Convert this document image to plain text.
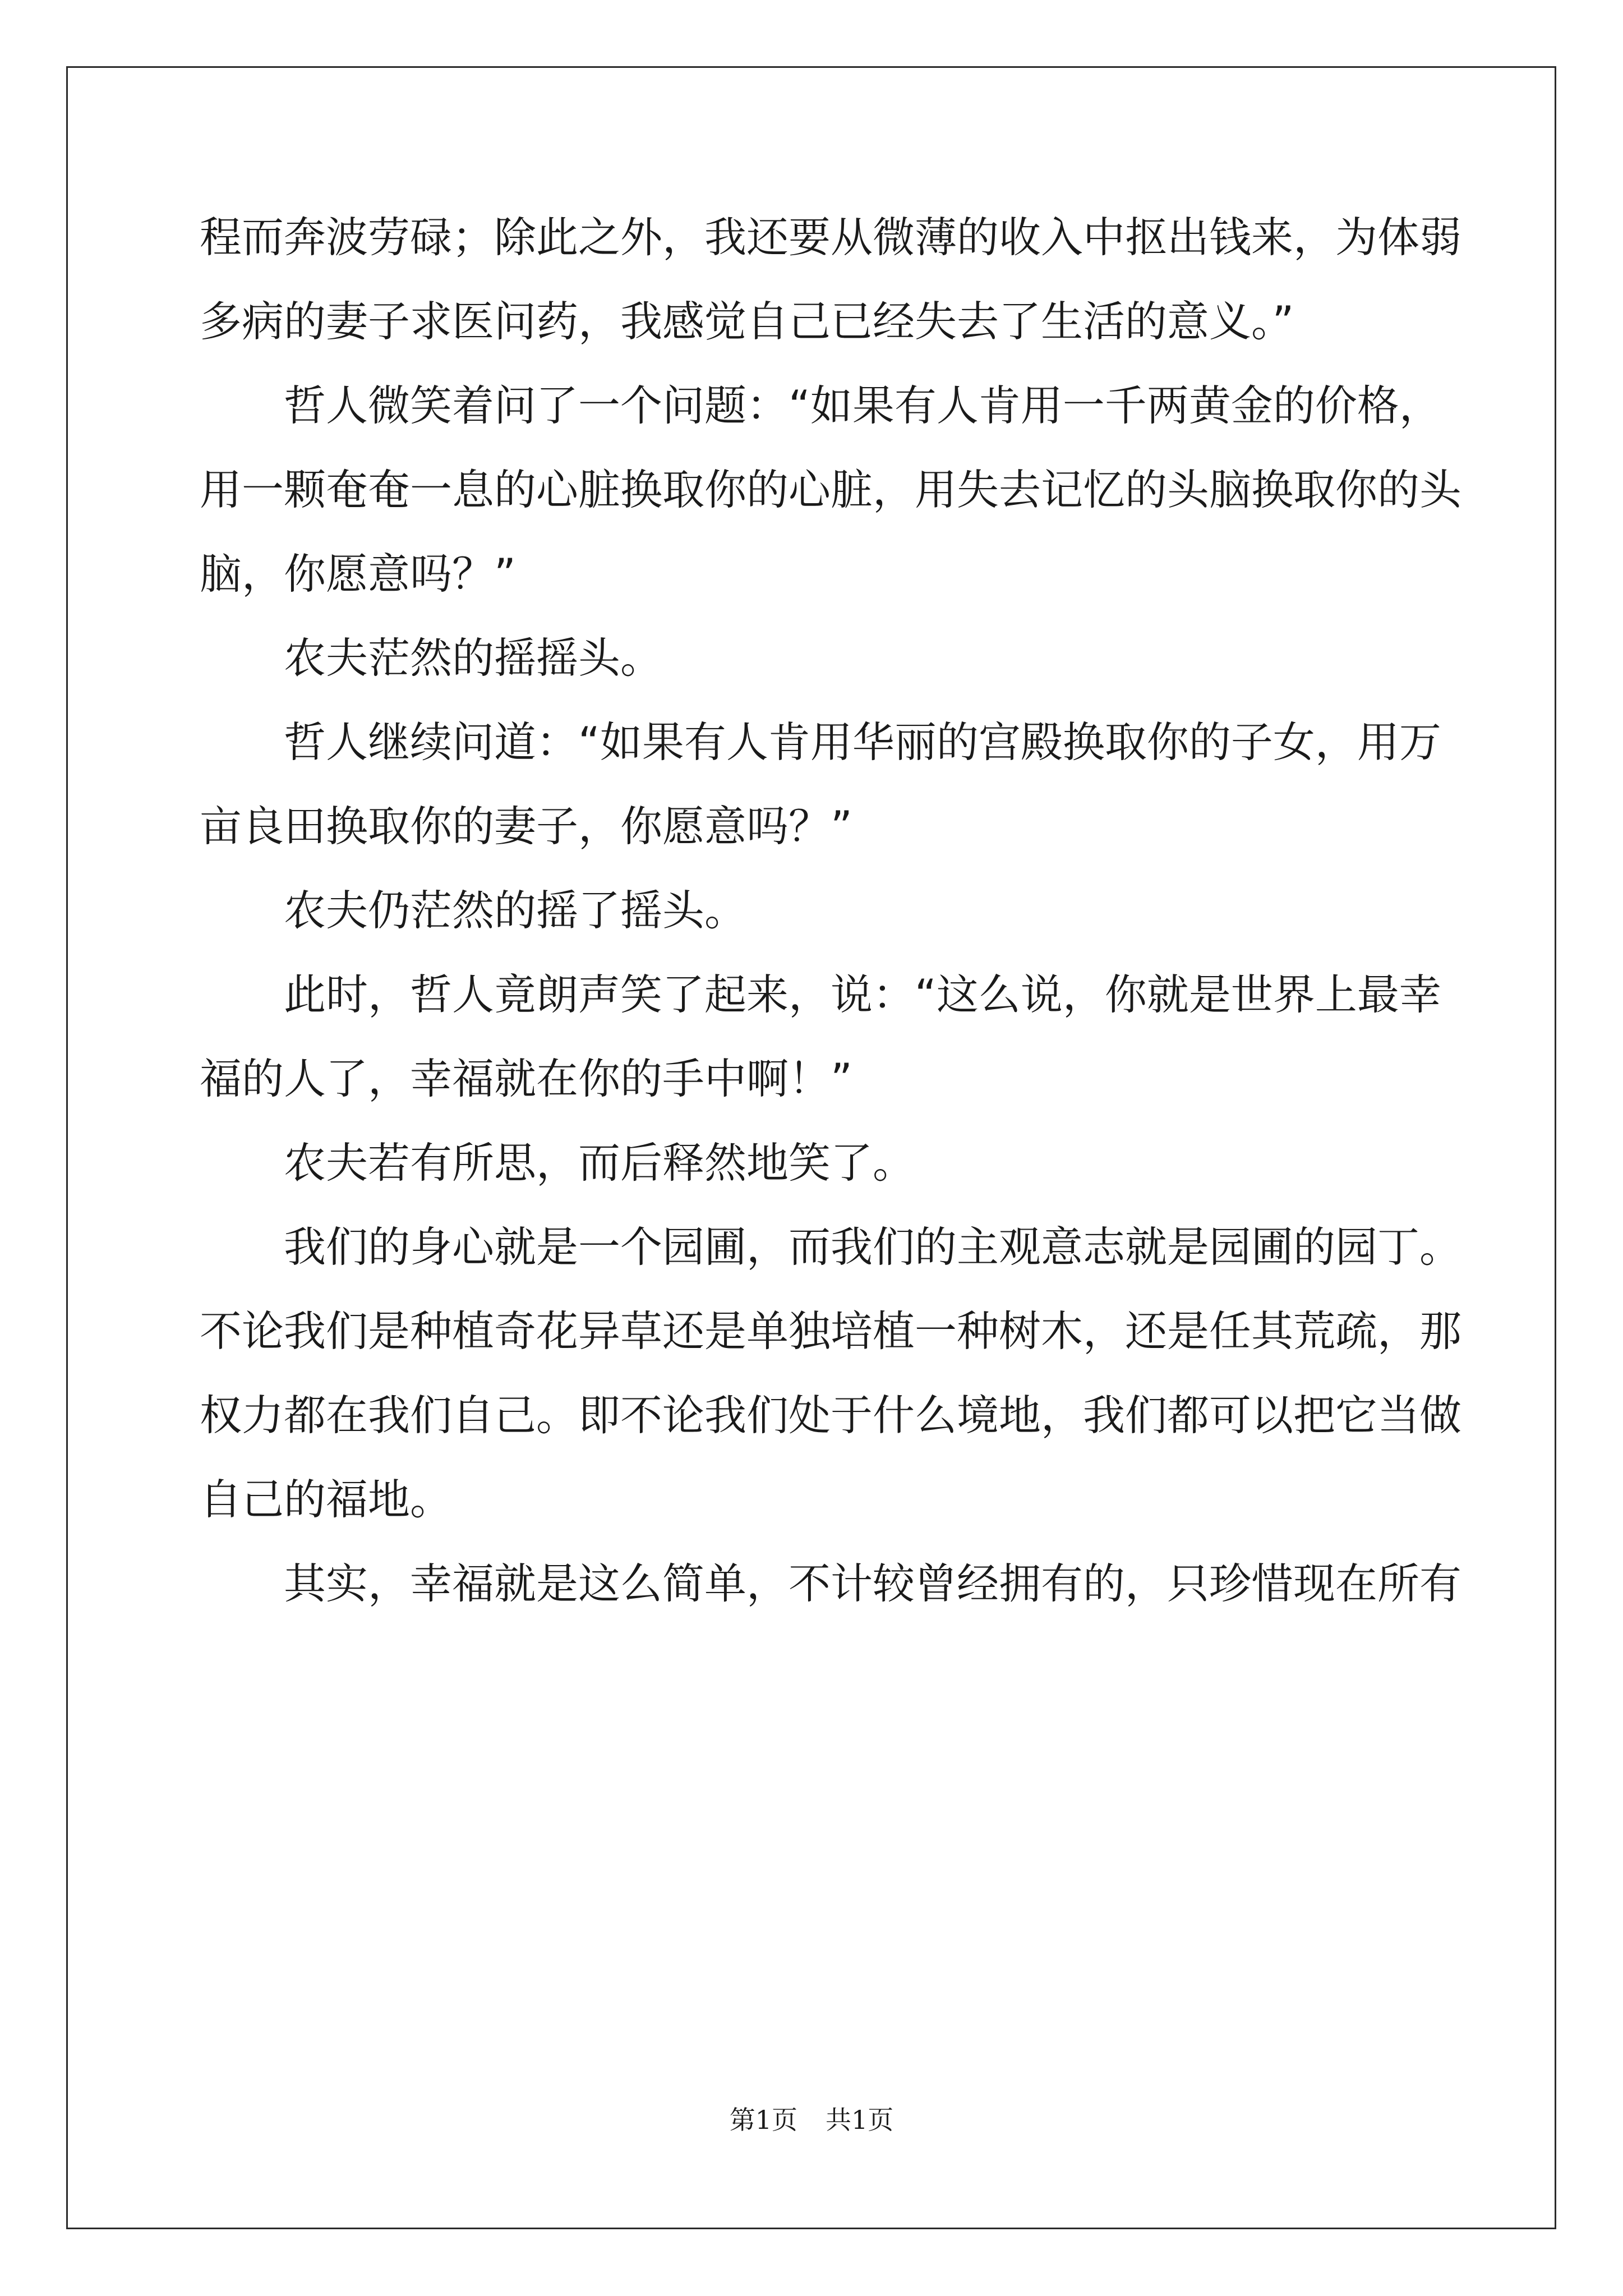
程而奔波劳碌；除此之外，我还要从微薄的收入中抠出钱来，为体弱
多病的妻子求医问药，我感觉自己已经失去了生活的意义。”
哲人微笑着问了一个问题：“如果有人肯用一千两黄金的价格，
用一颗奄奄一息的心脏换取你的心脏，用失去记忆的头脑换取你的头
脑，你愿意吗？”
农夫茫然的摇摇头。
哲人继续问道：“如果有人肯用华丽的宫殿换取你的子女，用万
亩良田换取你的妻子，你愿意吗？”
农夫仍茫然的摇了摇头。
此时，哲人竟朗声笑了起来，说：“这么说，你就是世界上最幸
福的人了，幸福就在你的手中啊！”
农夫若有所思，而后释然地笑了。
我们的身心就是一个园圃，而我们的主观意志就是园圃的园丁。
不论我们是种植奇花异草还是单独培植一种树木，还是任其荒疏，那
权力都在我们自己。即不论我们处于什么境地，我们都可以把它当做
自己的福地。
其实，幸福就是这么简单，不计较曾经拥有的，只珍惜现在所有
第1页 共1页
